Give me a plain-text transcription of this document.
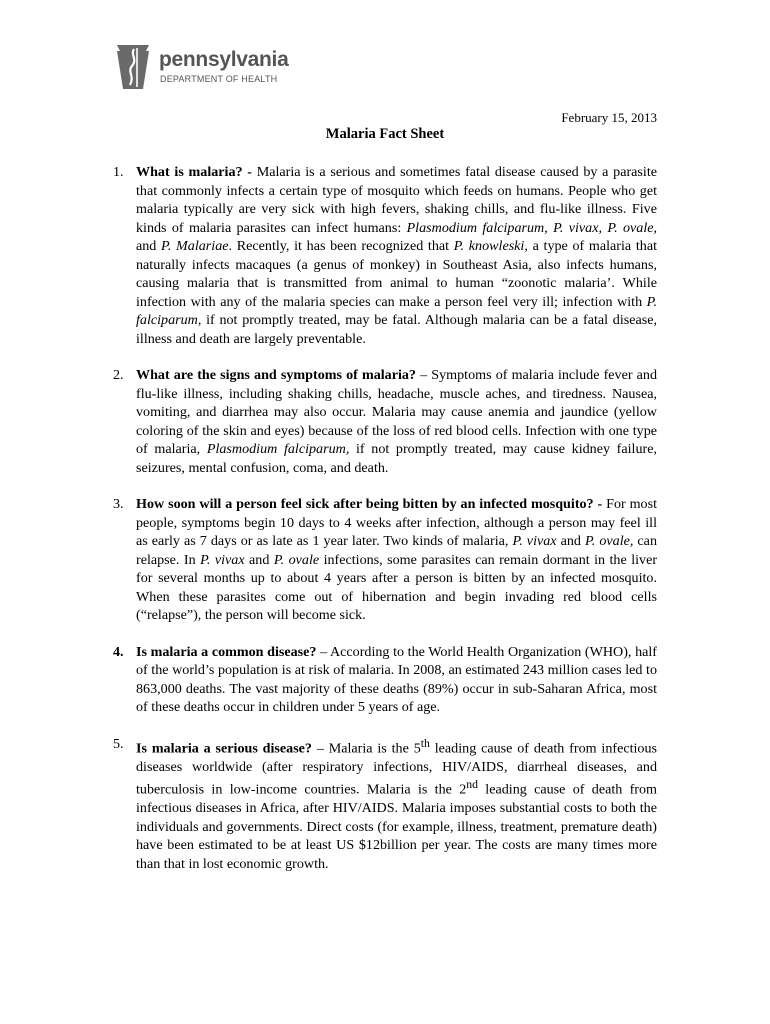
pennsylvania
DEPARTMENT OF HEALTH
February 15, 2013
Malaria Fact Sheet
1. What is malaria? - Malaria is a serious and sometimes fatal disease caused by a parasite that commonly infects a certain type of mosquito which feeds on humans. People who get malaria typically are very sick with high fevers, shaking chills, and flu-like illness. Five kinds of malaria parasites can infect humans: Plasmodium falciparum, P. vivax, P. ovale, and P. Malariae. Recently, it has been recognized that P. knowleski, a type of malaria that naturally infects macaques (a genus of monkey) in Southeast Asia, also infects humans, causing malaria that is transmitted from animal to human “zoonotic malaria’. While infection with any of the malaria species can make a person feel very ill; infection with P. falciparum, if not promptly treated, may be fatal. Although malaria can be a fatal disease, illness and death are largely preventable.
2. What are the signs and symptoms of malaria? – Symptoms of malaria include fever and flu-like illness, including shaking chills, headache, muscle aches, and tiredness. Nausea, vomiting, and diarrhea may also occur. Malaria may cause anemia and jaundice (yellow coloring of the skin and eyes) because of the loss of red blood cells. Infection with one type of malaria, Plasmodium falciparum, if not promptly treated, may cause kidney failure, seizures, mental confusion, coma, and death.
3. How soon will a person feel sick after being bitten by an infected mosquito? - For most people, symptoms begin 10 days to 4 weeks after infection, although a person may feel ill as early as 7 days or as late as 1 year later. Two kinds of malaria, P. vivax and P. ovale, can relapse. In P. vivax and P. ovale infections, some parasites can remain dormant in the liver for several months up to about 4 years after a person is bitten by an infected mosquito. When these parasites come out of hibernation and begin invading red blood cells (“relapse”), the person will become sick.
4. Is malaria a common disease? – According to the World Health Organization (WHO), half of the world’s population is at risk of malaria. In 2008, an estimated 243 million cases led to 863,000 deaths. The vast majority of these deaths (89%) occur in sub-Saharan Africa, most of these deaths occur in children under 5 years of age.
5. Is malaria a serious disease? – Malaria is the 5th leading cause of death from infectious diseases worldwide (after respiratory infections, HIV/AIDS, diarrheal diseases, and tuberculosis in low-income countries. Malaria is the 2nd leading cause of death from infectious diseases in Africa, after HIV/AIDS. Malaria imposes substantial costs to both the individuals and governments. Direct costs (for example, illness, treatment, premature death) have been estimated to be at least US $12billion per year. The costs are many times more than that in lost economic growth.
